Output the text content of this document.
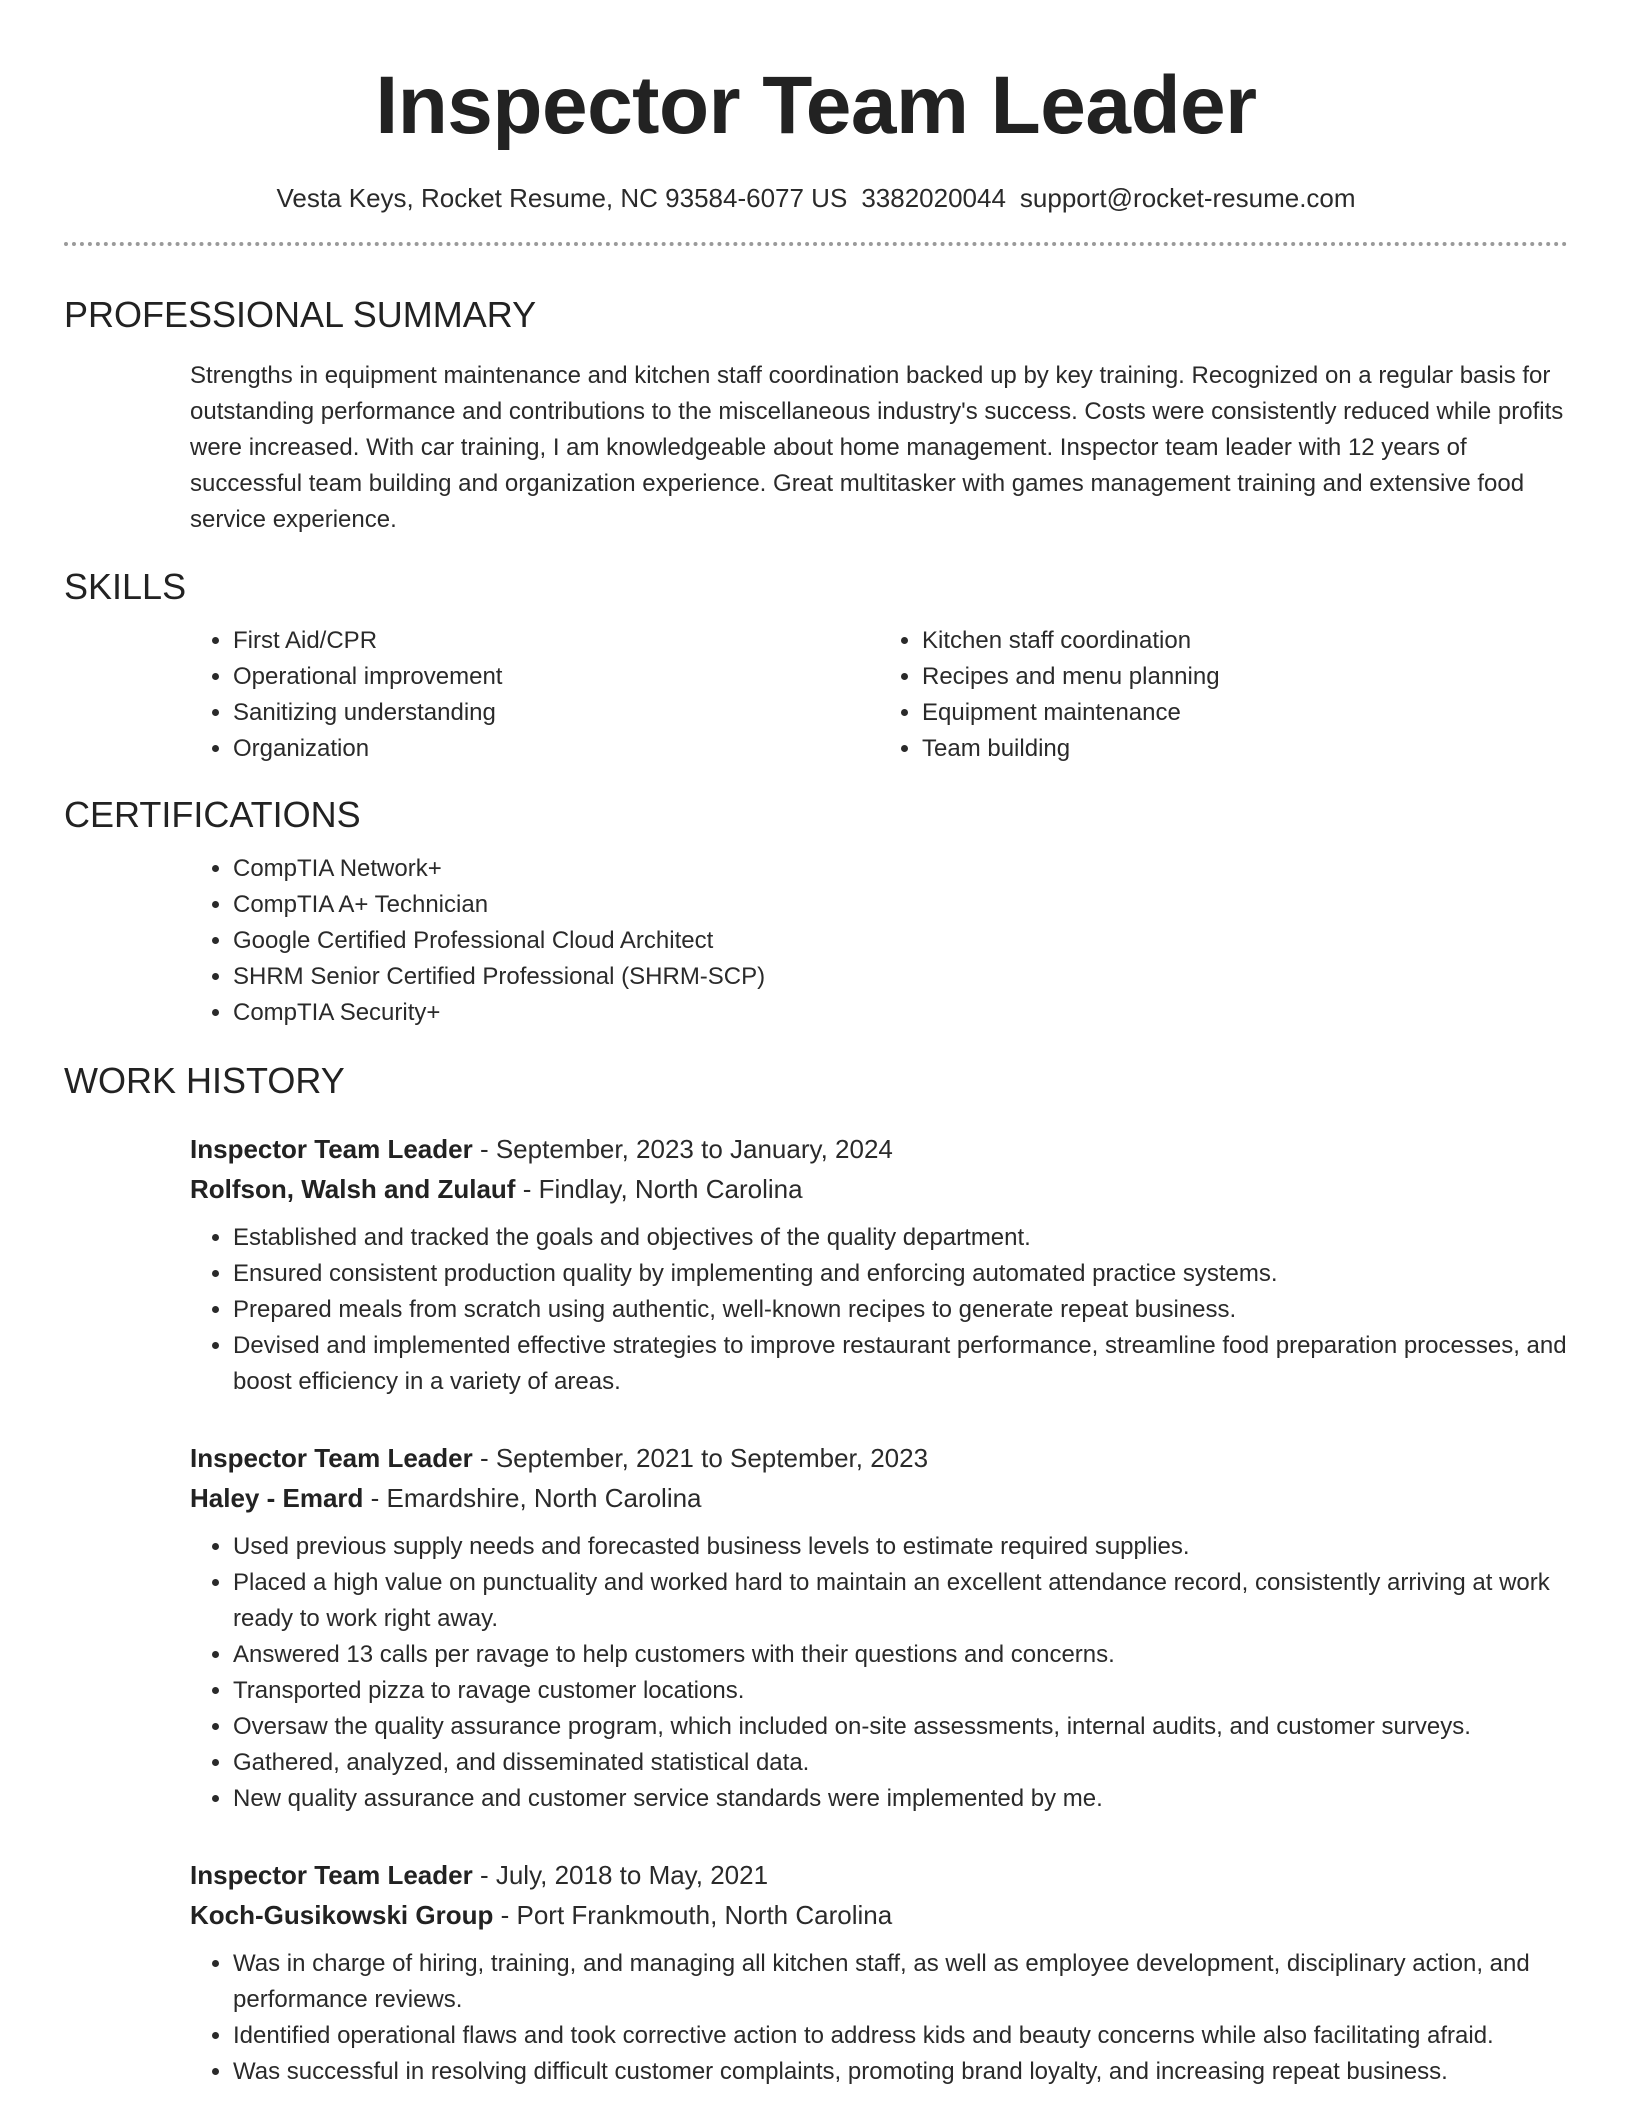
Inspector Team Leader
Vesta Keys, Rocket Resume, NC 93584-6077 US 3382020044 support@rocket-resume.com
PROFESSIONAL SUMMARY
Strengths in equipment maintenance and kitchen staff coordination backed up by key training. Recognized on a regular basis for outstanding performance and contributions to the miscellaneous industry's success. Costs were consistently reduced while profits were increased. With car training, I am knowledgeable about home management. Inspector team leader with 12 years of successful team building and organization experience. Great multitasker with games management training and extensive food service experience.
SKILLS
• First Aid/CPR
• Operational improvement
• Sanitizing understanding
• Organization
• Kitchen staff coordination
• Recipes and menu planning
• Equipment maintenance
• Team building
CERTIFICATIONS
• CompTIA Network+
• CompTIA A+ Technician
• Google Certified Professional Cloud Architect
• SHRM Senior Certified Professional (SHRM-SCP)
• CompTIA Security+
WORK HISTORY
Inspector Team Leader - September, 2023 to January, 2024
Rolfson, Walsh and Zulauf - Findlay, North Carolina
• Established and tracked the goals and objectives of the quality department.
• Ensured consistent production quality by implementing and enforcing automated practice systems.
• Prepared meals from scratch using authentic, well-known recipes to generate repeat business.
• Devised and implemented effective strategies to improve restaurant performance, streamline food preparation processes, and boost efficiency in a variety of areas.
Inspector Team Leader - September, 2021 to September, 2023
Haley - Emard - Emardshire, North Carolina
• Used previous supply needs and forecasted business levels to estimate required supplies.
• Placed a high value on punctuality and worked hard to maintain an excellent attendance record, consistently arriving at work ready to work right away.
• Answered 13 calls per ravage to help customers with their questions and concerns.
• Transported pizza to ravage customer locations.
• Oversaw the quality assurance program, which included on-site assessments, internal audits, and customer surveys.
• Gathered, analyzed, and disseminated statistical data.
• New quality assurance and customer service standards were implemented by me.
Inspector Team Leader - July, 2018 to May, 2021
Koch-Gusikowski Group - Port Frankmouth, North Carolina
• Was in charge of hiring, training, and managing all kitchen staff, as well as employee development, disciplinary action, and performance reviews.
• Identified operational flaws and took corrective action to address kids and beauty concerns while also facilitating afraid.
• Was successful in resolving difficult customer complaints, promoting brand loyalty, and increasing repeat business.
